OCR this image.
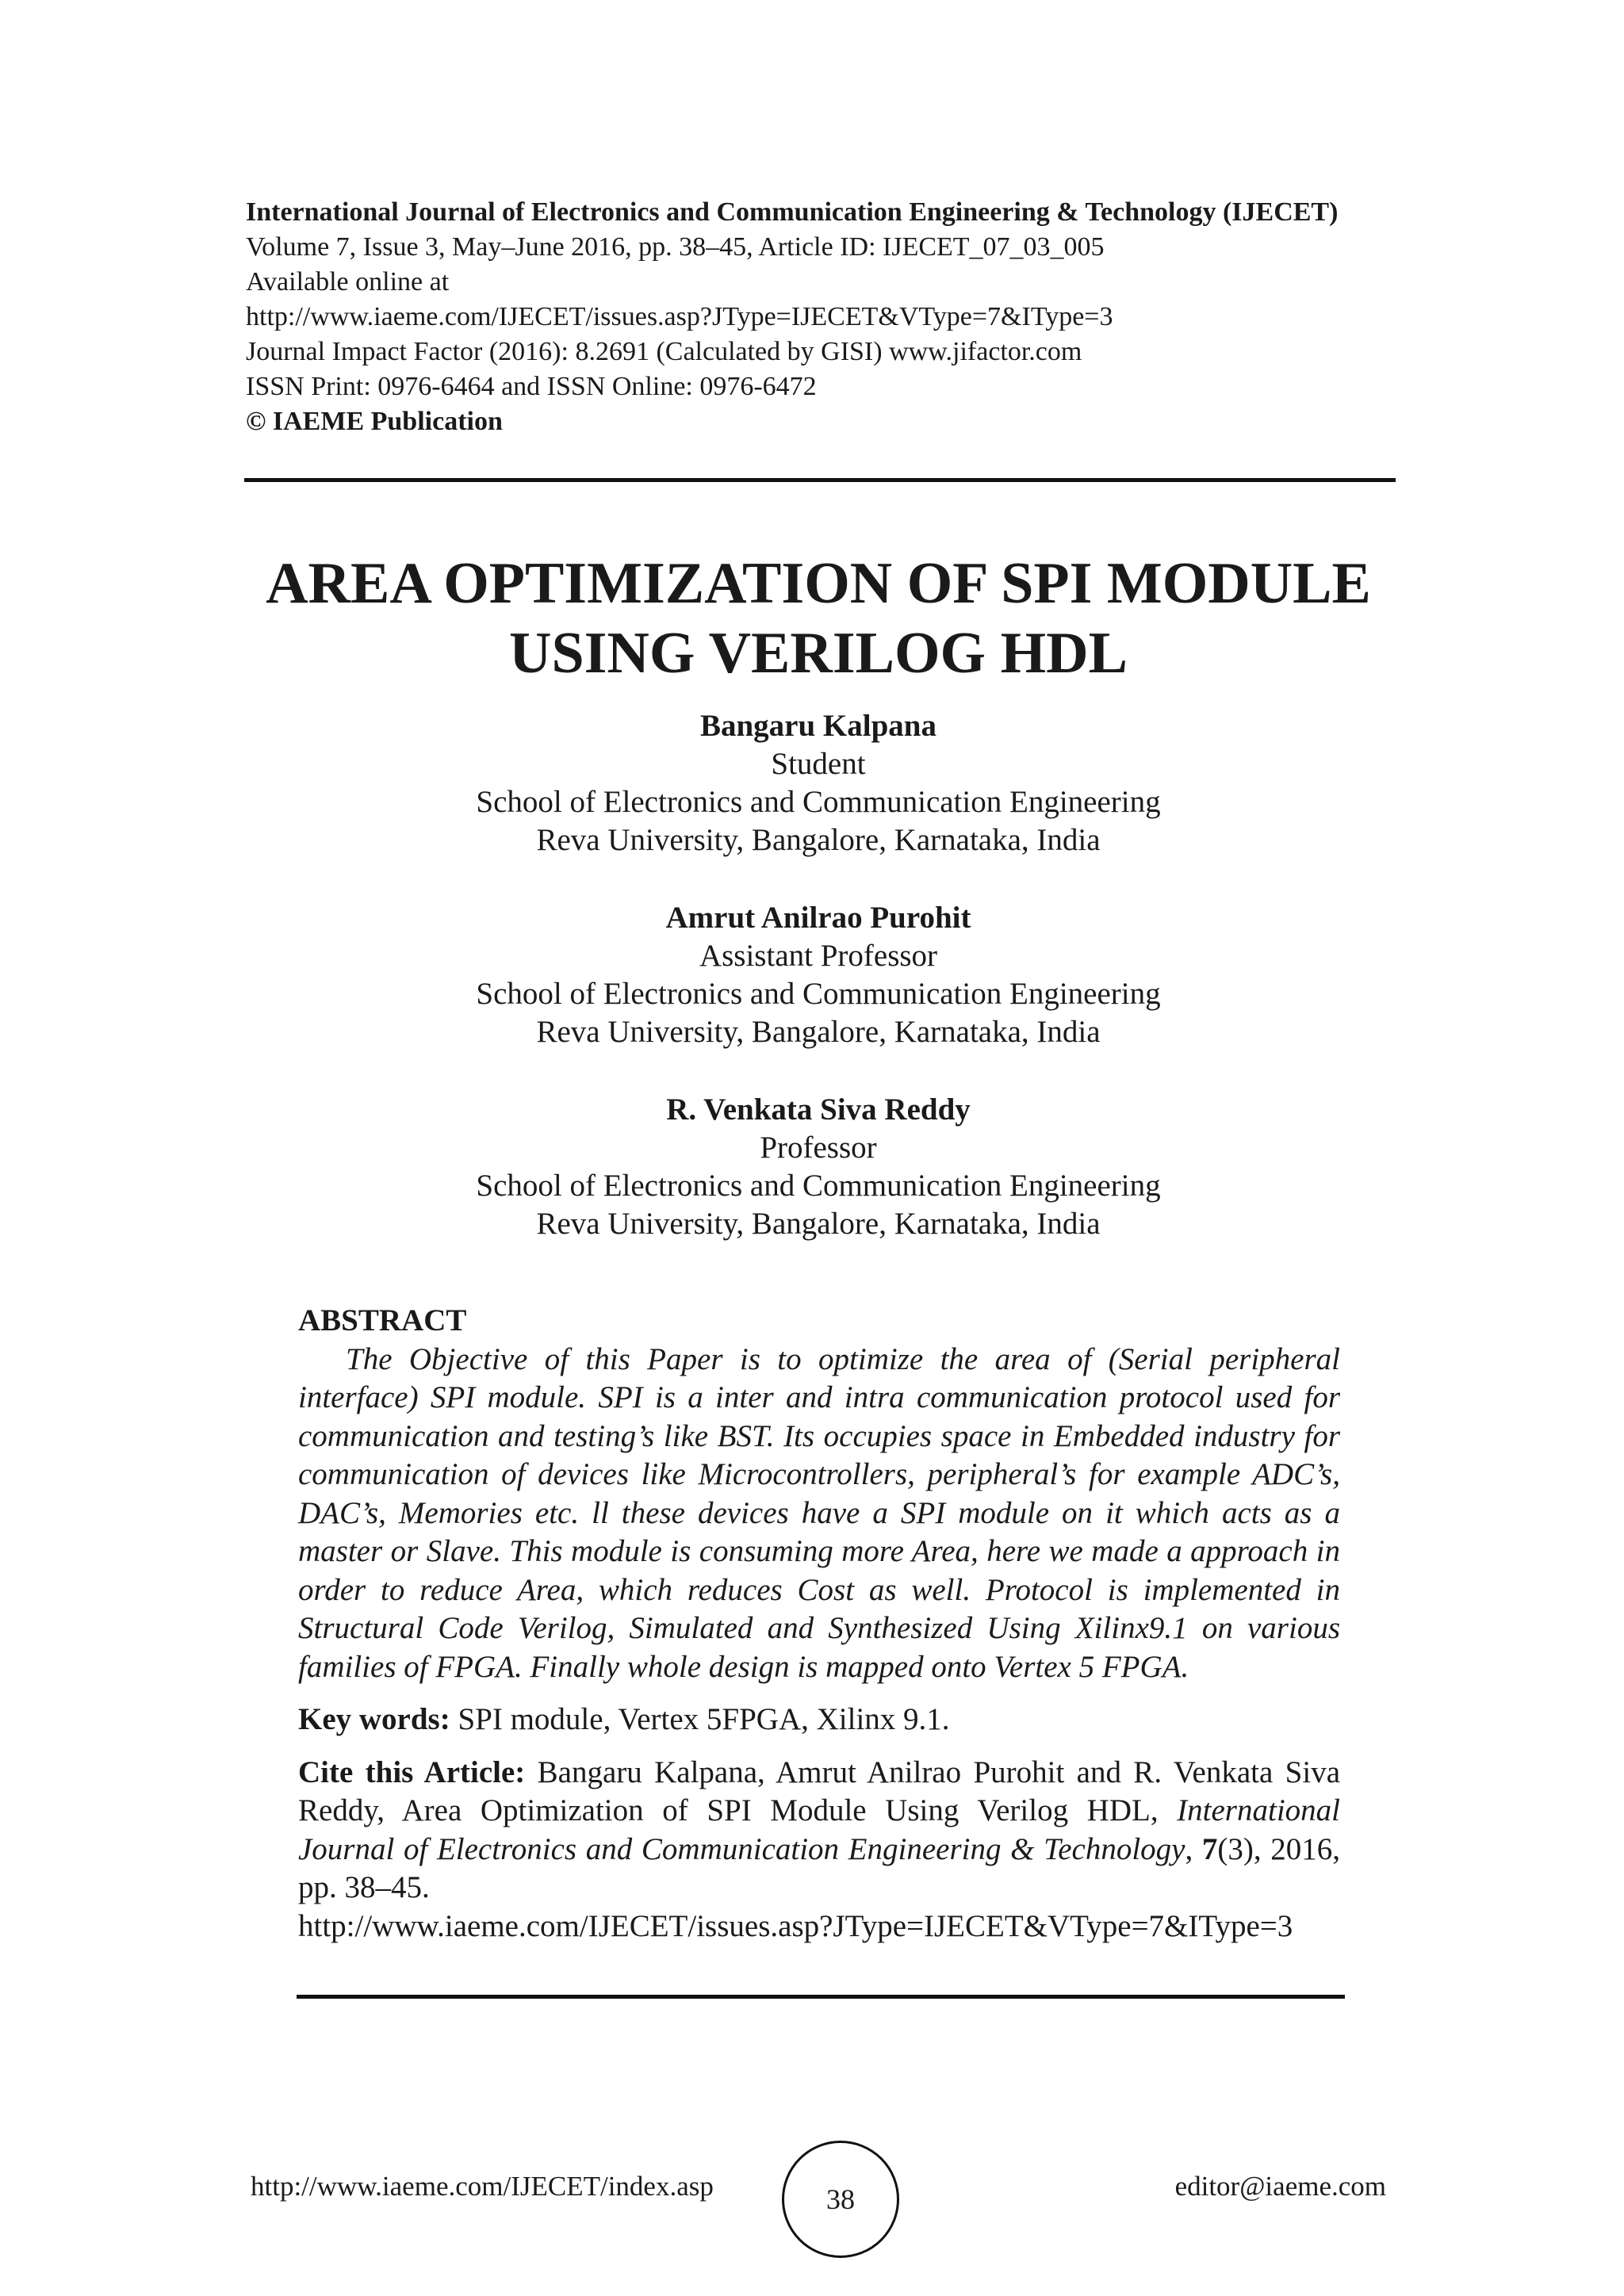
International Journal of Electronics and Communication Engineering & Technology (IJECET)
Volume 7, Issue 3, May–June 2016, pp. 38–45, Article ID: IJECET_07_03_005
Available online at
http://www.iaeme.com/IJECET/issues.asp?JType=IJECET&VType=7&IType=3
Journal Impact Factor (2016): 8.2691 (Calculated by GISI) www.jifactor.com
ISSN Print: 0976-6464 and ISSN Online: 0976-6472
© IAEME Publication
AREA OPTIMIZATION OF SPI MODULE
USING VERILOG HDL
Bangaru Kalpana
Student
School of Electronics and Communication Engineering
Reva University, Bangalore, Karnataka, India
Amrut Anilrao Purohit
Assistant Professor
School of Electronics and Communication Engineering
Reva University, Bangalore, Karnataka, India
R. Venkata Siva Reddy
Professor
School of Electronics and Communication Engineering
Reva University, Bangalore, Karnataka, India
ABSTRACT

The Objective of this Paper is to optimize the area of (Serial peripheral interface) SPI module. SPI is a inter and intra communication protocol used for communication and testing’s like BST. Its occupies space in Embedded industry for communication of devices like Microcontrollers, peripheral’s for example ADC’s, DAC’s, Memories etc. ll these devices have a SPI module on it which acts as a master or Slave. This module is consuming more Area, here we made a approach in order to reduce Area, which reduces Cost as well. Protocol is implemented in Structural Code Verilog, Simulated and Synthesized Using Xilinx9.1 on various families of FPGA. Finally whole design is mapped onto Vertex 5 FPGA.

Key words: SPI module, Vertex 5FPGA, Xilinx 9.1.
Cite this Article: Bangaru Kalpana, Amrut Anilrao Purohit and R. Venkata Siva Reddy, Area Optimization of SPI Module Using Verilog HDL, International Journal of Electronics and Communication Engineering & Technology, 7(3), 2016, pp. 38–45.
http://www.iaeme.com/IJECET/issues.asp?JType=IJECET&VType=7&IType=3
http://www.iaeme.com/IJECET/index.asp	38	editor@iaeme.com
